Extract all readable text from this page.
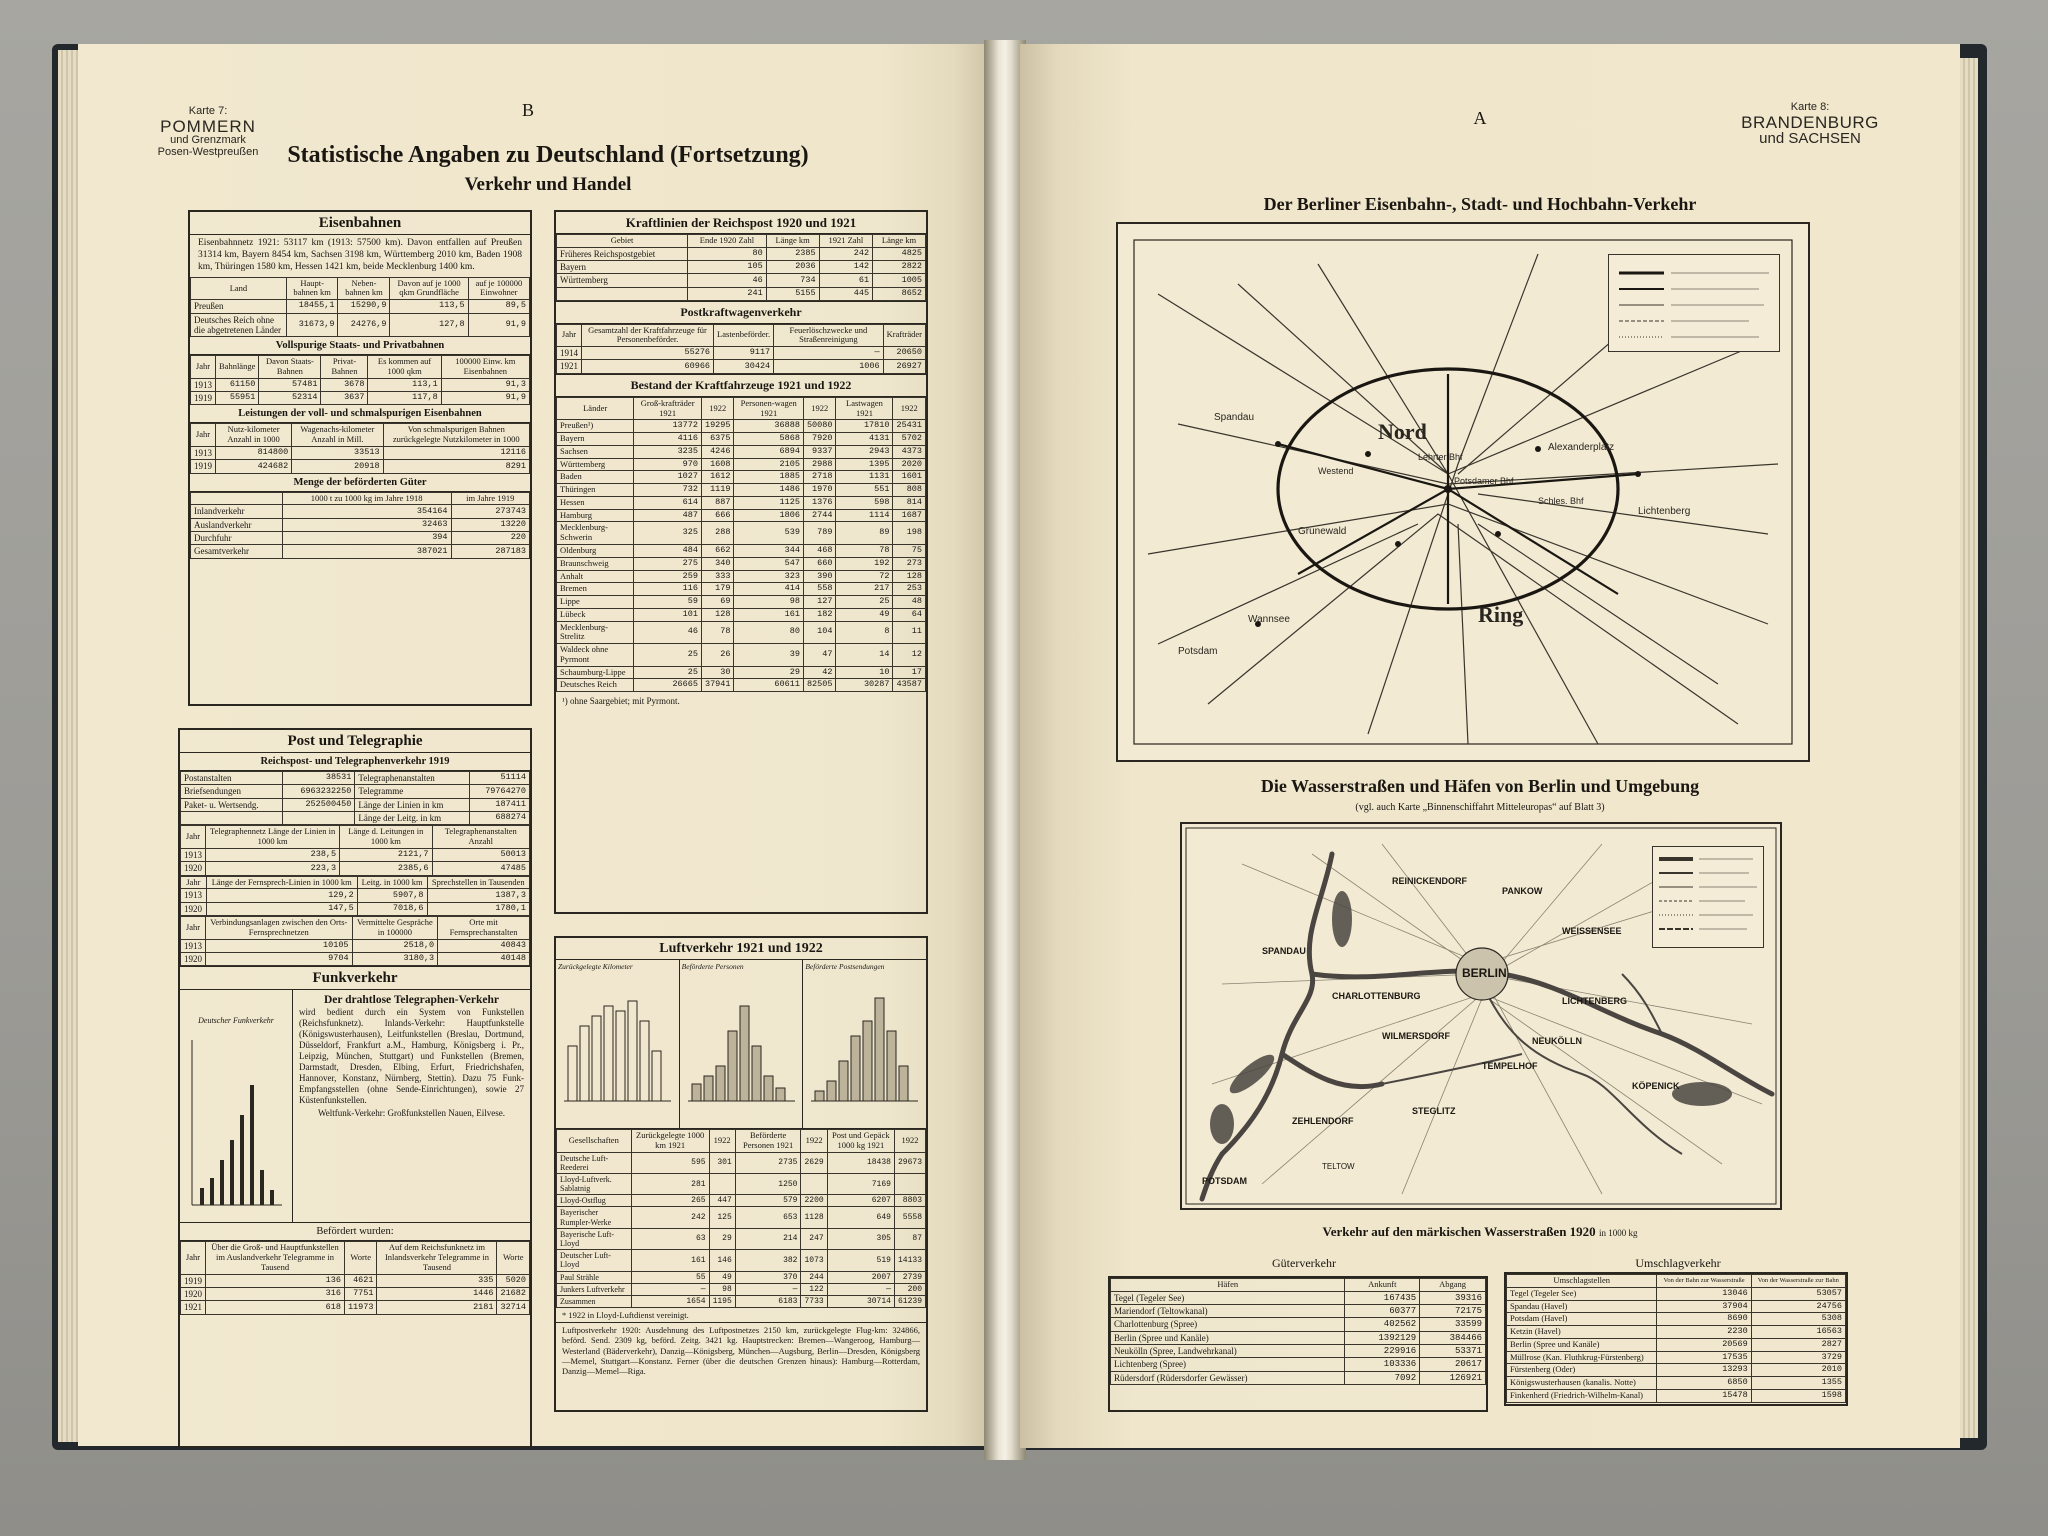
Karte 7:
POMMERN
und Grenzmark
Posen-Westpreußen
B
Statistische Angaben zu Deutschland (Fortsetzung)
Verkehr und Handel
Eisenbahnen
Eisenbahnnetz 1921: 53117 km (1913: 57500 km). Davon entfallen auf Preußen 31314 km, Bayern 8454 km, Sachsen 3198 km, Württemberg 2010 km, Baden 1908 km, Thüringen 1580 km, Hessen 1421 km, beide Mecklenburg 1400 km.
Land	Haupt-bahnen km	Neben-bahnen km	Davon auf je 1000 qkm Grundfläche	auf je 100000 Einwohner
Preußen	18455,1	15290,9	113,5	89,5
Deutsches Reich ohne die abgetretenen Länder	31673,9	24276,9	127,8	91,9
Vollspurige Staats- und Privatbahnen
Jahr	Bahnlänge	Davon Staats-Bahnen	Privat-Bahnen	Es kommen auf 1000 qkm	100000 Einw. km Eisenbahnen
1913	61150	57481	3678	113,1	91,3
1919	55951	52314	3637	117,8	91,9
Leistungen der voll- und schmalspurigen Eisenbahnen
Jahr	Nutz-kilometer Anzahl in 1000	Wagenachs-kilometer Anzahl in Mill.	Von schmalspurigen Bahnen zurückgelegte Nutzkilometer in 1000
1913	814800	33513	12116
1919	424682	20918	8291
Menge der beförderten Güter
	1000 t zu 1000 kg im Jahre 1918	im Jahre 1919
Inlandverkehr	354164	273743
Auslandverkehr	32463	13220
Durchfuhr	394	220
Gesamtverkehr	387021	287183
Post und Telegraphie
Reichspost- und Telegraphenverkehr 1919
Postanstalten	38531	Telegraphenanstalten	51114
Briefsendungen	6963232250	Telegramme	79764270
Paket- u. Wertsendg.	252500450	Länge der Linien in km	187411
		Länge der Leitg. in km	688274
Jahr	Telegraphennetz Länge der Linien in 1000 km	Länge d. Leitungen in 1000 km	Telegraphenanstalten Anzahl
1913	238,5	2121,7	50013
1920	223,3	2385,6	47485
Jahr	Länge der Fernsprech-Linien in 1000 km	Leitg. in 1000 km	Sprechstellen in Tausenden
1913	129,2	5907,8	1387,3
1920	147,5	7018,6	1780,1
Jahr	Verbindungsanlagen zwischen den Orts-Fernsprechnetzen	Vermittelte Gespräche in 100000	Orte mit Fernsprechanstalten
1913	10105	2518,0	40843
1920	9704	3180,3	40148
Funkverkehr
Deutscher Funkverkehr
Der drahtlose Telegraphen-Verkehr
wird bedient durch ein System von Funkstellen (Reichsfunknetz). Inlands-Verkehr: Hauptfunkstelle (Königswusterhausen), Leitfunkstellen (Breslau, Dortmund, Düsseldorf, Frankfurt a.M., Hamburg, Königsberg i. Pr., Leipzig, München, Stuttgart) und Funkstellen (Bremen, Darmstadt, Dresden, Elbing, Erfurt, Friedrichshafen, Hannover, Konstanz, Nürnberg, Stettin). Dazu 75 Funk-Empfangsstellen (ohne Sende-Einrichtungen), sowie 27 Küstenfunkstellen.
Weltfunk-Verkehr: Großfunkstellen Nauen, Eilvese.
Befördert wurden:
Jahr	Über die Groß- und Hauptfunkstellen im Auslandverkehr Telegramme in Tausend	Worte	Auf dem Reichsfunknetz im Inlandsverkehr Telegramme in Tausend	Worte
1919	136	4621	335	5020
1920	316	7751	1446	21682
1921	618	11973	2181	32714
Kraftlinien der Reichspost 1920 und 1921
Gebiet	Ende 1920 Zahl	Länge km	1921 Zahl	Länge km
Früheres Reichspostgebiet	80	2385	242	4825
Bayern	105	2036	142	2822
Württemberg	46	734	61	1005
	241	5155	445	8652
Postkraftwagenverkehr
Jahr	Gesamtzahl der Kraftfahrzeuge für Personenbeförder.	Lastenbeförder.	Feuerlöschzwecke und Straßenreinigung	Krafträder
1914	55276	9117	—	20650
1921	60966	30424	1006	26927
Bestand der Kraftfahrzeuge 1921 und 1922
Länder	Groß-krafträder 1921	1922	Personen-wagen 1921	1922	Lastwagen 1921	1922
Preußen¹)	13772	19295	36888	50080	17810	25431
Bayern	4116	6375	5868	7920	4131	5702
Sachsen	3235	4246	6894	9337	2943	4373
Württemberg	970	1608	2105	2988	1395	2020
Baden	1027	1612	1885	2718	1131	1601
Thüringen	732	1119	1486	1970	551	808
Hessen	614	887	1125	1376	598	814
Hamburg	487	666	1806	2744	1114	1687
Mecklenburg-Schwerin	325	288	539	789	89	198
Oldenburg	484	662	344	468	78	75
Braunschweig	275	340	547	660	192	273
Anhalt	259	333	323	390	72	128
Bremen	116	179	414	558	217	253
Lippe	59	69	98	127	25	48
Lübeck	101	128	161	182	49	64
Mecklenburg-Strelitz	46	78	80	104	8	11
Waldeck ohne Pyrmont	25	26	39	47	14	12
Schaumburg-Lippe	25	30	29	42	10	17
Deutsches Reich	26665	37941	60611	82505	30287	43587
¹) ohne Saargebiet; mit Pyrmont.
Luftverkehr 1921 und 1922
Zurückgelegte Kilometer	Beförderte Personen	Beförderte Postsendungen
Gesellschaften	Zurückgelegte 1000 km 1921	1922	Beförderte Personen 1921	1922	Post und Gepäck 1000 kg 1921	1922
Deutsche Luft-Reederei	595	301	2735	2629	18438	29673
Lloyd-Luftverk. Sablatnig	281		1250		7169	
Lloyd-Ostflug	265	447	579	2200	6207	8803
Bayerischer Rumpler-Werke	242	125	653	1128	649	5558
Bayerische Luft-Lloyd	63	29	214	247	305	87
Deutscher Luft-Lloyd	161	146	382	1073	519	14133
Paul Strähle	55	49	370	244	2007	2739
Junkers Luftverkehr	—	98	—	122	—	200
Zusammen	1654	1195	6183	7733	30714	61239
* 1922 in Lloyd-Luftdienst vereinigt.
Luftpostverkehr 1920: Ausdehnung des Luftpostnetzes 2150 km, zurückgelegte Flug-km: 324866, beförd. Send. 2309 kg, beförd. Zeitg. 3421 kg. Hauptstrecken: Bremen—Wangeroog, Hamburg—Westerland (Bäderverkehr), Danzig—Königsberg, München—Augsburg, Berlin—Dresden, Königsberg—Memel, Stuttgart—Konstanz. Ferner (über die deutschen Grenzen hinaus): Hamburg—Rotterdam, Danzig—Memel—Riga.
A
Karte 8:
BRANDENBURG
und SACHSEN
Der Berliner Eisenbahn-, Stadt- und Hochbahn-Verkehr
Nord
Ring
Alexanderplatz
Potsdamer Bhf
Spandau
Wannsee
Potsdam
Grunewald
Lichtenberg
Schles. Bhf
Lehrter Bhf
Westend
Die Wasserstraßen und Häfen von Berlin und Umgebung
(vgl. auch Karte „Binnenschiffahrt Mitteleuropas“ auf Blatt 3)
BERLIN
SPANDAU
CHARLOTTENBURG
REINICKENDORF
PANKOW
WEISSENSEE
LICHTENBERG
WILMERSDORF
STEGLITZ
TEMPELHOF
NEUKÖLLN
ZEHLENDORF
KÖPENICK
POTSDAM
TELTOW
Verkehr auf den märkischen Wasserstraßen 1920 in 1000 kg
Güterverkehr
Häfen	Ankunft	Abgang
Tegel (Tegeler See)	167435	39316
Mariendorf (Teltowkanal)	60377	72175
Charlottenburg (Spree)	402562	33599
Berlin (Spree und Kanäle)	1392129	384466
Neukölln (Spree, Landwehrkanal)	229916	53371
Lichtenberg (Spree)	103336	20617
Rüdersdorf (Rüdersdorfer Gewässer)	7092	126921
Umschlagverkehr
Umschlagstellen	Von der Bahn zur Wasserstraße	Von der Wasserstraße zur Bahn
Tegel (Tegeler See)	13046	53057
Spandau (Havel)	37904	24756
Potsdam (Havel)	8690	5308
Ketzin (Havel)	2230	16563
Berlin (Spree und Kanäle)	20569	2827
Müllrose (Kan. Fluthkrug-Fürstenberg)	17535	3729
Fürstenberg (Oder)	13293	2010
Königswusterhausen (kanalis. Notte)	6850	1355
Finkenherd (Friedrich-Wilhelm-Kanal)	15478	1598
